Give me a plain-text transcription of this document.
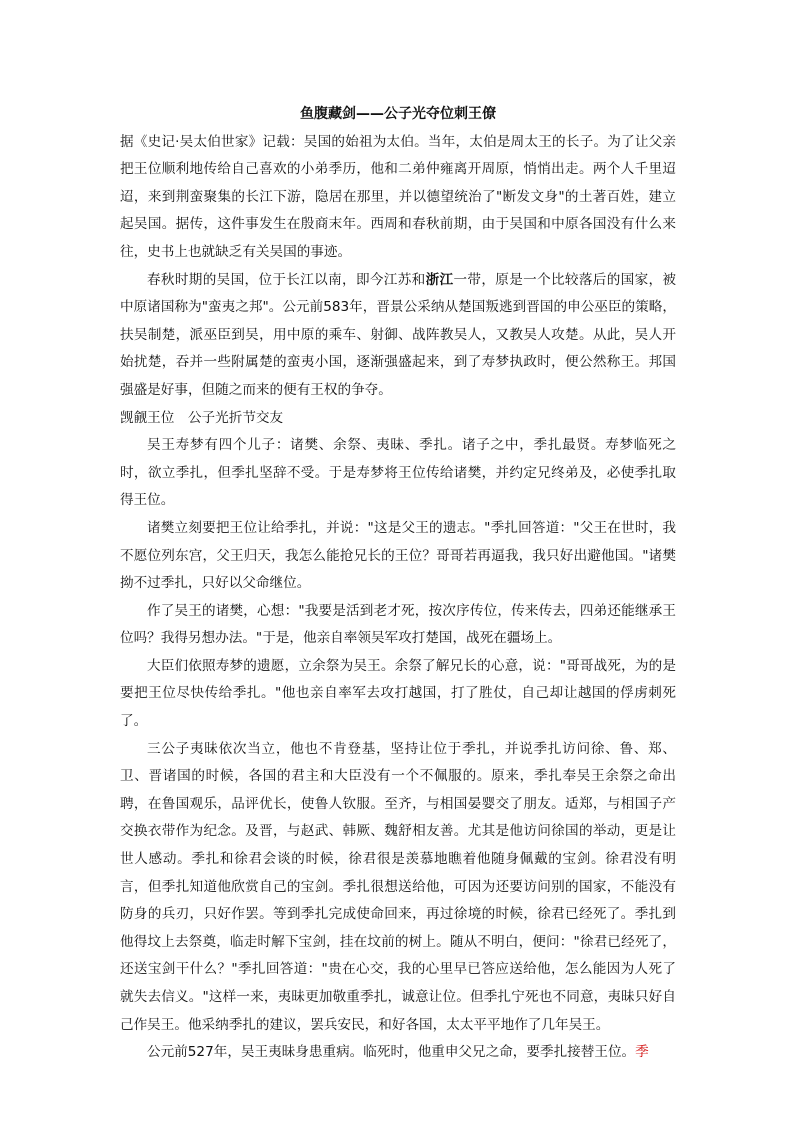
鱼腹藏剑——公子光夺位刺王僚

据《史记·吴太伯世家》记载：吴国的始祖为太伯。当年，太伯是周太王的长子。为了让父亲把王位顺利地传给自己喜欢的小弟季历，他和二弟仲雍离开周原，悄悄出走。两个人千里迢迢，来到荆蛮聚集的长江下游，隐居在那里，并以德望统治了"断发文身"的土著百姓，建立起吴国。据传，这件事发生在殷商末年。西周和春秋前期，由于吴国和中原各国没有什么来往，史书上也就缺乏有关吴国的事迹。

春秋时期的吴国，位于长江以南，即今江苏和浙江一带，原是一个比较落后的国家，被中原诸国称为"蛮夷之邦"。公元前583年，晋景公采纳从楚国叛逃到晋国的申公巫臣的策略，扶吴制楚，派巫臣到吴，用中原的乘车、射御、战阵教吴人，又教吴人攻楚。从此，吴人开始扰楚，吞并一些附属楚的蛮夷小国，逐渐强盛起来，到了寿梦执政时，便公然称王。邦国强盛是好事，但随之而来的便有王权的争夺。

觊觎王位　公子光折节交友

吴王寿梦有四个儿子：诸樊、余祭、夷昧、季扎。诸子之中，季扎最贤。寿梦临死之时，欲立季扎，但季扎坚辞不受。于是寿梦将王位传给诸樊，并约定兄终弟及，必使季扎取得王位。

诸樊立刻要把王位让给季扎，并说："这是父王的遗志。"季扎回答道："父王在世时，我不愿位列东宫，父王归天，我怎么能抢兄长的王位？哥哥若再逼我，我只好出避他国。"诸樊拗不过季扎，只好以父命继位。

作了吴王的诸樊，心想："我要是活到老才死，按次序传位，传来传去，四弟还能继承王位吗？我得另想办法。"于是，他亲自率领吴军攻打楚国，战死在疆场上。

大臣们依照寿梦的遗愿，立余祭为吴王。余祭了解兄长的心意，说："哥哥战死，为的是要把王位尽快传给季扎。"他也亲自率军去攻打越国，打了胜仗，自己却让越国的俘虏刺死了。

三公子夷昧依次当立，他也不肯登基，坚持让位于季扎，并说季扎访问徐、鲁、郑、卫、晋诸国的时候，各国的君主和大臣没有一个不佩服的。原来，季扎奉吴王余祭之命出聘，在鲁国观乐，品评优长，使鲁人钦服。至齐，与相国晏婴交了朋友。适郑，与相国子产交换衣带作为纪念。及晋，与赵武、韩厥、魏舒相友善。尤其是他访问徐国的举动，更是让世人感动。季扎和徐君会谈的时候，徐君很是羡慕地瞧着他随身佩戴的宝剑。徐君没有明言，但季扎知道他欣赏自己的宝剑。季扎很想送给他，可因为还要访问别的国家，不能没有防身的兵刃，只好作罢。等到季扎完成使命回来，再过徐境的时候，徐君已经死了。季扎到他得坟上去祭奠，临走时解下宝剑，挂在坟前的树上。随从不明白，便问："徐君已经死了，还送宝剑干什么？"季扎回答道："贵在心交，我的心里早已答应送给他，怎么能因为人死了就失去信义。"这样一来，夷昧更加敬重季扎，诚意让位。但季扎宁死也不同意，夷昧只好自己作吴王。他采纳季扎的建议，罢兵安民，和好各国，太太平平地作了几年吴王。

公元前527年，吴王夷昧身患重病。临死时，他重申父兄之命，要季扎接替王位。季
